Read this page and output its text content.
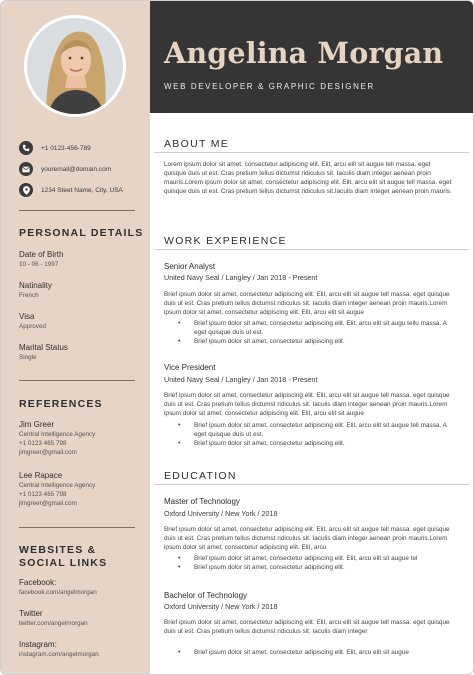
+1 0123-456-789
youremail@domain.com
1234 Steet Name, City, USA
PERSONAL DETAILS
Date of Birth
10 - 06 - 1997
Natinality
French
Visa
Approved
Marital Status
Single
REFERENCES
Jim Greer
Central Intelligence Agency
+1 0123 465 798
jimgreer@gmail.com
Lee Rapace
Central Intelligence Agency
+1 0123 465 798
jimgreer@gmail.com
WEBSITES &
SOCIAL LINKS
Facebook:
facebook.com/angelmorgan
Twitter
twitter.com/angelmorgan
Instagram:
instagram.com/angelmorgan
Angelina Morgan
WEB DEVELOPER & GRAPHIC DESIGNER
ABOUT ME
Lorem ipsum dolor sit amet, consectetur adipiscing elit. Elit, arcu elit sit augue tell massa. eget quisque duis ut est. Cras pretium tellus dictumst ridiculus sit. Iaculis diam integer aenean proin mauris.Lorem ipsum dolor sit amet, consectetur adipiscing elit. Elit, arcu elit sit augue tell massa. eget quisque duis ut est. Cras pretium tellus dictumst ridiculus sit.Iaculis diam integer aenean proin mauris.
WORK EXPERIENCE
Senior Analyst
United Navy Seal / Langley / Jan 2018 - Present
Brief ipsum dolor sit amet, consectetur adipiscing elit. Elit, arcu elit sit augue tell massa. eget quisque duis ut est. Cras pretium tellus dictumst ridiculus sit. Iaculis diam integer aenean proin mauris.Lorem ipsum dolor sit amet, consectetur adipiscing elit. Elit, arcu elit sit augue
• Brief ipsum dolor sit amet, consectetur adipiscing elit. Elit, arcu elit sit augu tellu massa. A eget quisque duis ut est.
• Brief ipsum dolor sit amet, consectetur adipiscing elit.
Vice President
United Navy Seal / Langley / Jan 2018 - Present
Brief ipsum dolor sit amet, consectetur adipiscing elit. Elit, arcu elit sit augue tell massa. eget quisque duis ut est. Cras pretium tellus dictumst ridiculus sit. Iaculis diam integer aenean proin mauris.Lorem ipsum dolor sit amet, consectetur adipiscing elit. Elit, arcu elit sit augue
• Brief ipsum dolor sit amet, consectetur adipiscing elit. Elit, arcu elit sit augue tell massa. A eget quisque duis ut est.
• Brief ipsum dolor sit amet, consectetur adipiscing elit.
EDUCATION
Master of Technology
Oxford University / New York / 2018
Brief ipsum dolor sit amet, consectetur adipiscing elit. Elit, arcu elit sit augue tell massa. eget quisque duis ut est. Cras pretium tellus dictumst ridiculus sit. Iaculis diam integer aenean proin mauris.Lorem ipsum dolor sit amet, consectetur adipiscing elit. Elit, arcu
• Brief ipsum dolor sit amet, consectetur adipiscing elit. Elit, arcu elit sit augue tel
• Brief ipsum dolor sit amet, consectetur adipiscing elit.
Bachelor of Technology
Oxford University / New York / 2018
Brief ipsum dolor sit amet, consectetur adipiscing elit. Elit, arcu elit sit augue tell massa. eget quisque duis ut est. Cras pretium tellus dictumst ridiculus sit. Iaculis diam integer
• Brief ipsum dolor sit amet, consectetur adipiscing elit. Elit, arcu elit sit augue
